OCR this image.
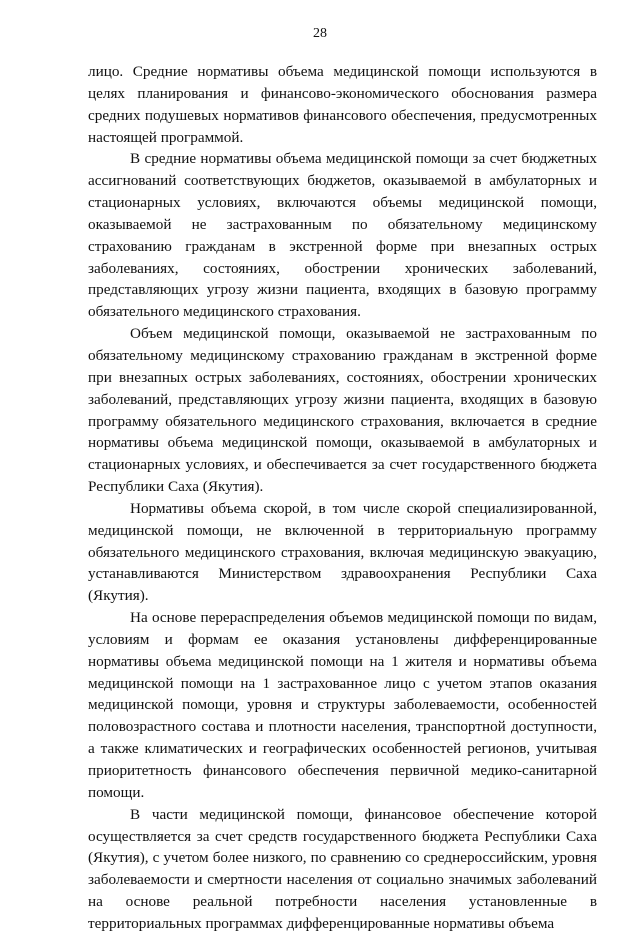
28

лицо. Средние нормативы объема медицинской помощи используются в целях планирования и финансово-экономического обоснования размера средних подушевых нормативов финансового обеспечения, предусмотренных настоящей программой.

В средние нормативы объема медицинской помощи за счет бюджетных ассигнований соответствующих бюджетов, оказываемой в амбулаторных и стационарных условиях, включаются объемы медицинской помощи, оказываемой не застрахованным по обязательному медицинскому страхованию гражданам в экстренной форме при внезапных острых заболеваниях, состояниях, обострении хронических заболеваний, представляющих угрозу жизни пациента, входящих в базовую программу обязательного медицинского страхования.

Объем медицинской помощи, оказываемой не застрахованным по обязательному медицинскому страхованию гражданам в экстренной форме при внезапных острых заболеваниях, состояниях, обострении хронических заболеваний, представляющих угрозу жизни пациента, входящих в базовую программу обязательного медицинского страхования, включается в средние нормативы объема медицинской помощи, оказываемой в амбулаторных и стационарных условиях, и обеспечивается за счет государственного бюджета Республики Саха (Якутия).

Нормативы объема скорой, в том числе скорой специализированной, медицинской помощи, не включенной в территориальную программу обязательного медицинского страхования, включая медицинскую эвакуацию, устанавливаются Министерством здравоохранения Республики Саха (Якутия).

На основе перераспределения объемов медицинской помощи по видам, условиям и формам ее оказания установлены дифференцированные нормативы объема медицинской помощи на 1 жителя и нормативы объема медицинской помощи на 1 застрахованное лицо с учетом этапов оказания медицинской помощи, уровня и структуры заболеваемости, особенностей половозрастного состава и плотности населения, транспортной доступности, а также климатических и географических особенностей регионов, учитывая приоритетность финансового обеспечения первичной медико-санитарной помощи.

В части медицинской помощи, финансовое обеспечение которой осуществляется за счет средств государственного бюджета Республики Саха (Якутия), с учетом более низкого, по сравнению со среднероссийским, уровня заболеваемости и смертности населения от социально значимых заболеваний на основе реальной потребности населения установленные в территориальных программах дифференцированные нормативы объема
